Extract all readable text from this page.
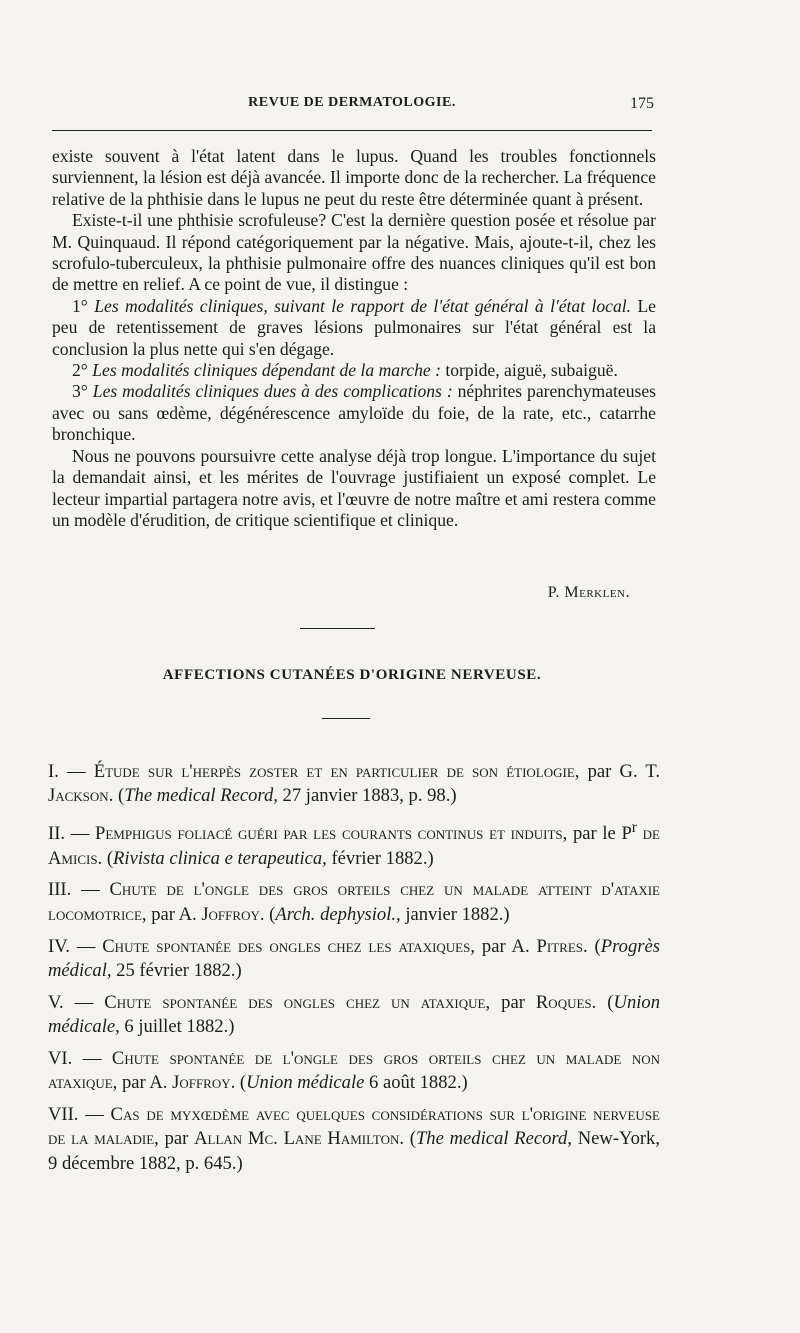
REVUE DE DERMATOLOGIE.	175

existe souvent à l'état latent dans le lupus. Quand les troubles fonctionnels surviennent, la lésion est déjà avancée. Il importe donc de la rechercher. La fréquence relative de la phthisie dans le lupus ne peut du reste être déterminée quant à présent.

Existe-t-il une phthisie scrofuleuse? C'est la dernière question posée et résolue par M. Quinquaud. Il répond catégoriquement par la négative. Mais, ajoute-t-il, chez les scrofulo-tuberculeux, la phthisie pulmonaire offre des nuances cliniques qu'il est bon de mettre en relief. A ce point de vue, il distingue :

1° Les modalités cliniques, suivant le rapport de l'état général à l'état local. Le peu de retentissement de graves lésions pulmonaires sur l'état général est la conclusion la plus nette qui s'en dégage.

2° Les modalités cliniques dépendant de la marche : torpide, aiguë, subaiguë.

3° Les modalités cliniques dues à des complications : néphrites parenchymateuses avec ou sans œdème, dégénérescence amyloïde du foie, de la rate, etc., catarrhe bronchique.

Nous ne pouvons poursuivre cette analyse déjà trop longue. L'importance du sujet la demandait ainsi, et les mérites de l'ouvrage justifiaient un exposé complet. Le lecteur impartial partagera notre avis, et l'œuvre de notre maître et ami restera comme un modèle d'érudition, de critique scientifique et clinique.

P. Merklen.
AFFECTIONS CUTANÉES D'ORIGINE NERVEUSE.

I. — Étude sur l'herpès zoster et en particulier de son étiologie, par G. T. Jackson. (The medical Record, 27 janvier 1883, p. 98.)

II. — Pemphigus foliacé guéri par les courants continus et induits, par le $P^r$ de Amicis. (Rivista clinica e terapeutica, février 1882.)

III. — Chute de l'ongle des gros orteils chez un malade atteint d'ataxie locomotrice, par A. Joffroy. (Arch. dephysiol., janvier 1882.)

IV. — Chute spontanée des ongles chez les ataxiques, par A. Pitres. (Progrès médical, 25 février 1882.)

V. — Chute spontanée des ongles chez un ataxique, par Roques. (Union médicale, 6 juillet 1882.)

VI. — Chute spontanée de l'ongle des gros orteils chez un malade non ataxique, par A. Joffroy. (Union médicale 6 août 1882.)

VII. — Cas de myxœdème avec quelques considérations sur l'origine nerveuse de la maladie, par Allan Mc. Lane Hamilton. (The medical Record, New-York, 9 décembre 1882, p. 645.)
